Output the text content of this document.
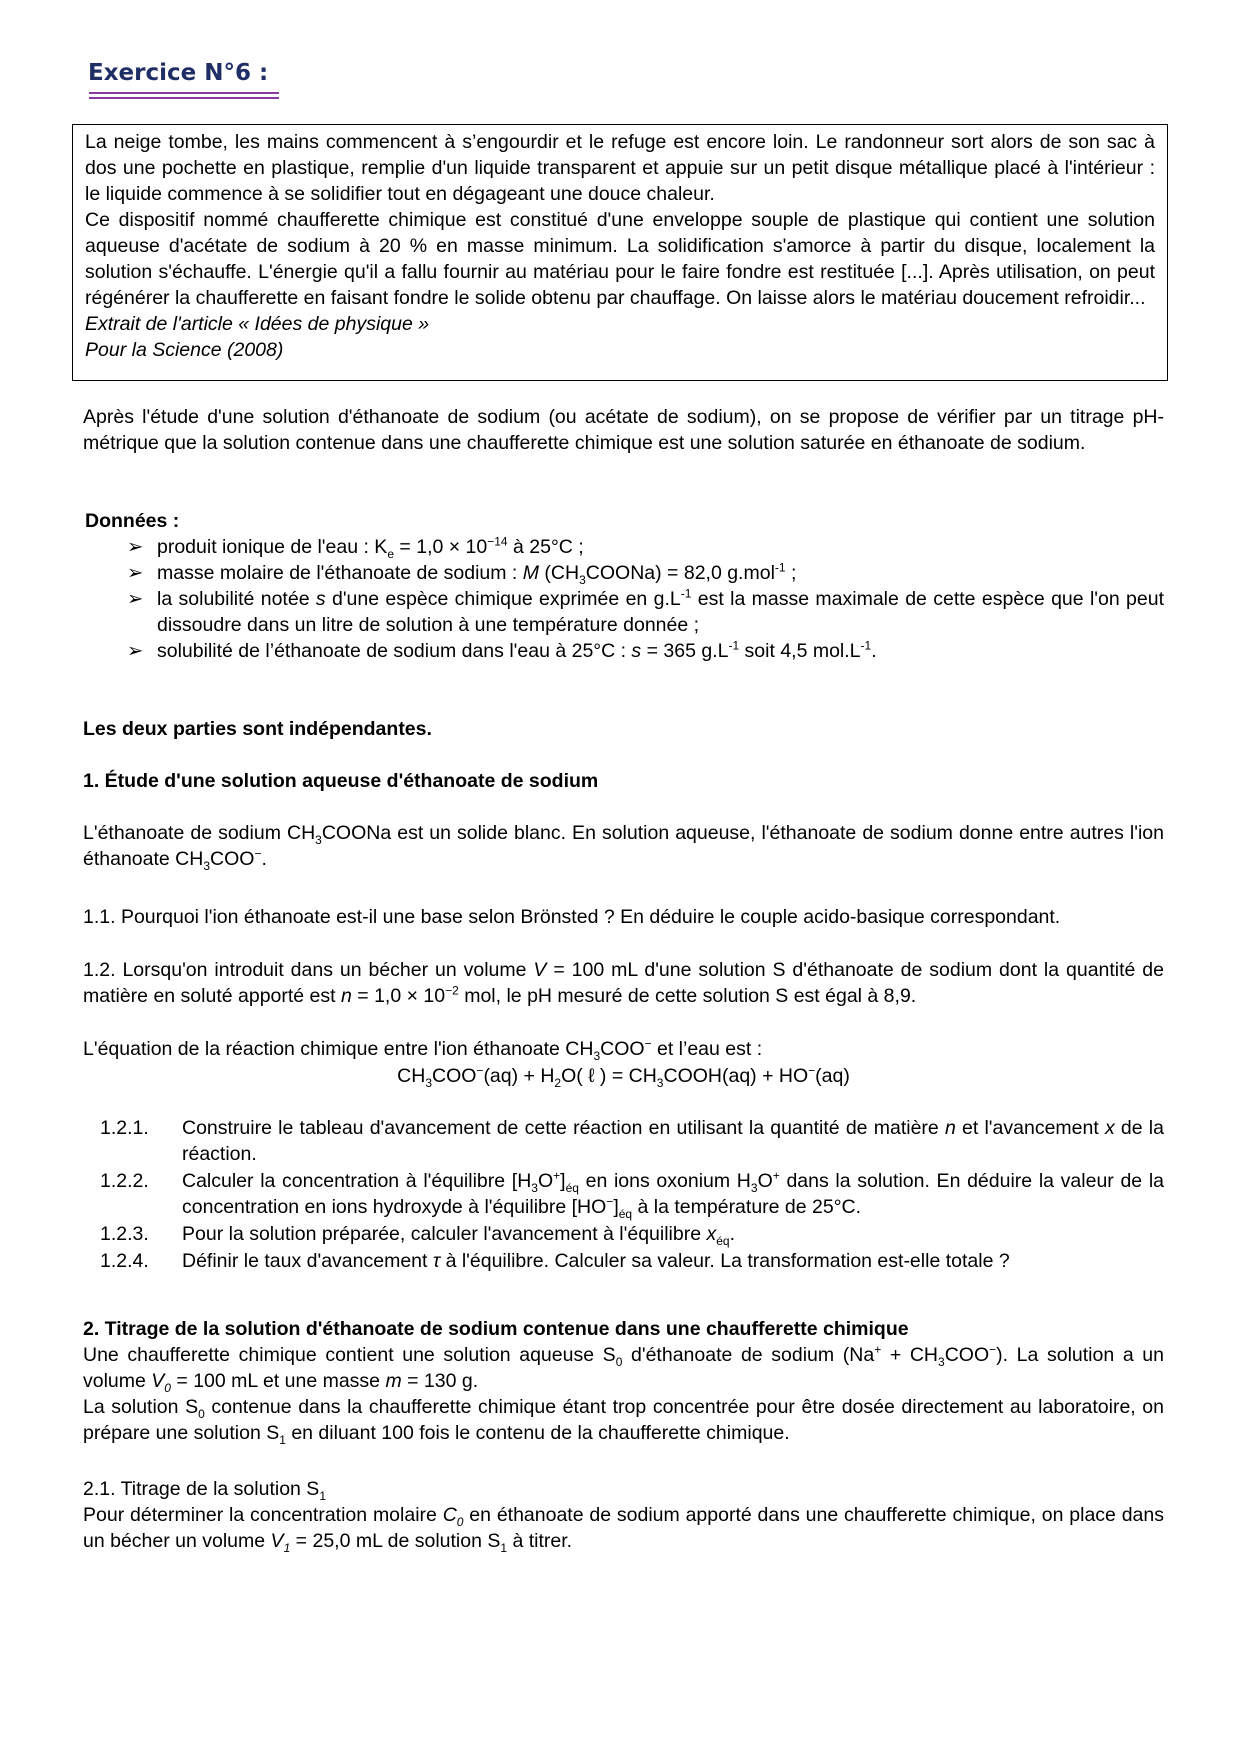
Exercice N°6 :

La neige tombe, les mains commencent à s’engourdir et le refuge est encore loin. Le randonneur sort alors de son sac à dos une pochette en plastique, remplie d'un liquide transparent et appuie sur un petit disque métallique placé à l'intérieur : le liquide commence à se solidifier tout en dégageant une douce chaleur.

Ce dispositif nommé chaufferette chimique est constitué d'une enveloppe souple de plastique qui contient une solution aqueuse d'acétate de sodium à 20 % en masse minimum. La solidification s'amorce à partir du disque, localement la solution s'échauffe. L'énergie qu'il a fallu fournir au matériau pour le faire fondre est restituée [...]. Après utilisation, on peut régénérer la chaufferette en faisant fondre le solide obtenu par chauffage. On laisse alors le matériau doucement refroidir...

Extrait de l'article « Idées de physique »

Pour la Science (2008)

Après l'étude d'une solution d'éthanoate de sodium (ou acétate de sodium), on se propose de vérifier par un titrage pH-métrique que la solution contenue dans une chaufferette chimique est une solution saturée en éthanoate de sodium.

Données :

➢ produit ionique de l'eau : $K_e = 1,0 \times 10^{-14}$ à 25°C ;
➢ masse molaire de l'éthanoate de sodium : M $(CH_3COONa) = 82,0$ g.mol$^{-1}$ ;
➢ la solubilité notée s d'une espèce chimique exprimée en $g.L^{-1}$ est la masse maximale de cette espèce que l'on peut dissoudre dans un litre de solution à une température donnée ;
➢ solubilité de l’éthanoate de sodium dans l'eau à 25°C : s = 365 $g.L^{-1}$ soit 4,5 $mol.L^{-1}$.
Les deux parties sont indépendantes.
1. Étude d'une solution aqueuse d'éthanoate de sodium
L'éthanoate de sodium $CH_3COONa$ est un solide blanc. En solution aqueuse, l'éthanoate de sodium donne entre autres l'ion éthanoate $CH_3COO^-$.
1.1. Pourquoi l'ion éthanoate est-il une base selon Brönsted ? En déduire le couple acido-basique correspondant.
1.2. Lorsqu'on introduit dans un bécher un volume V = 100 mL d'une solution S d'éthanoate de sodium dont la quantité de matière en soluté apporté est $n = 1,0 \times 10^{-2}$ mol, le pH mesuré de cette solution S est égal à 8,9.
L'équation de la réaction chimique entre l'ion éthanoate $CH_3COO^-$ et l’eau est :
$CH_3COO^-(aq) + H_2O$( ℓ ) = $CH_3COOH(aq) + HO^-(aq)$
1.2.1.	Construire le tableau d'avancement de cette réaction en utilisant la quantité de matière n et l'avancement x de la réaction.
1.2.2.	Calculer la concentration à l'équilibre $[H_3O^+]_{éq}$ en ions oxonium $H_3O^+$ dans la solution. En déduire la valeur de la concentration en ions hydroxyde à l'équilibre $[HO^-]_{éq}$ à la température de 25°C.
1.2.3.	Pour la solution préparée, calculer l'avancement à l'équilibre $x_{éq}$.
1.2.4.	Définir le taux d'avancement τ à l'équilibre. Calculer sa valeur. La transformation est-elle totale ?

2. Titrage de la solution d'éthanoate de sodium contenue dans une chaufferette chimique

Une chaufferette chimique contient une solution aqueuse $S_0$ d'éthanoate de sodium $(Na^+ + CH_3COO^-)$. La solution a un volume $V_0 = 100$ mL et une masse m = 130 g.

La solution $S_0$ contenue dans la chaufferette chimique étant trop concentrée pour être dosée directement au laboratoire, on prépare une solution $S_1$ en diluant 100 fois le contenu de la chaufferette chimique.

2.1. Titrage de la solution $S_1$

Pour déterminer la concentration molaire $C_0$ en éthanoate de sodium apporté dans une chaufferette chimique, on place dans un bécher un volume $V_1 = 25,0$ mL de solution $S_1$ à titrer.
